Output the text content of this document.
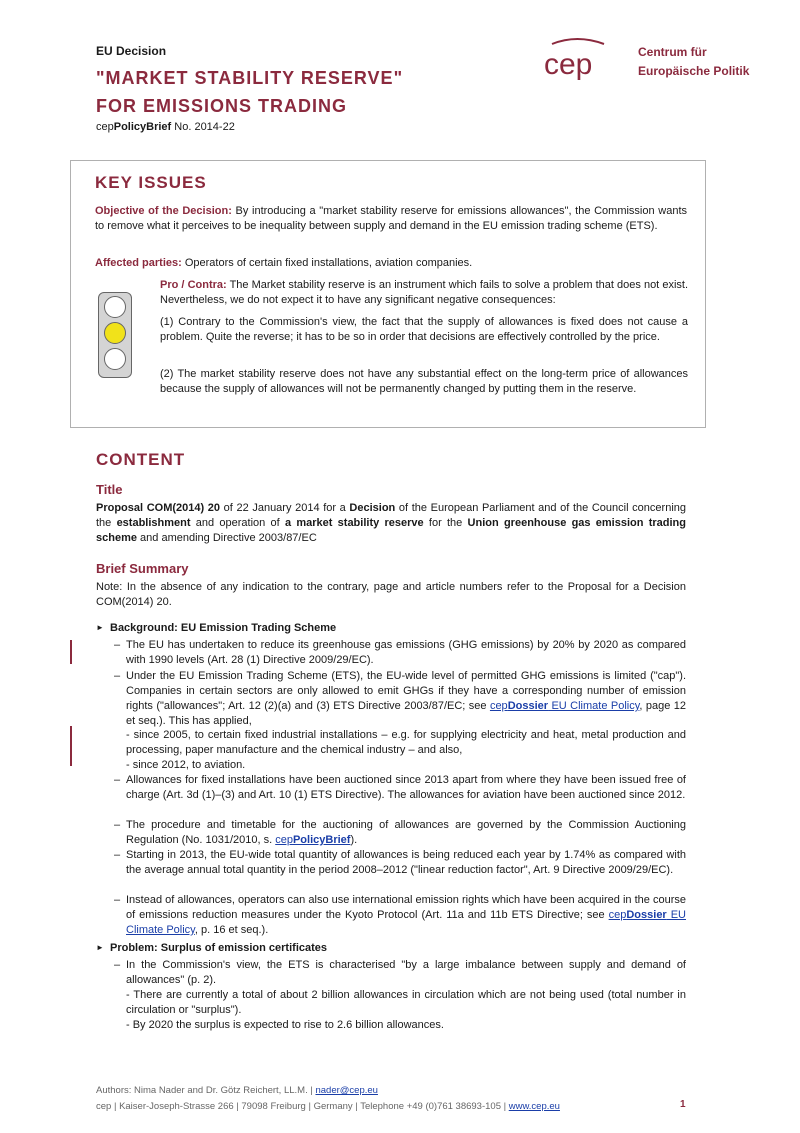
EU Decision
"MARKET STABILITY RESERVE"
FOR EMISSIONS TRADING
cepPolicyBrief No. 2014-22
cep	Centrum für
Europäische Politik
KEY ISSUES
Objective of the Decision: By introducing a "market stability reserve for emissions allowances", the Commission wants to remove what it perceives to be inequality between supply and demand in the EU emission trading scheme (ETS).
Affected parties: Operators of certain fixed installations, aviation companies.
Pro / Contra: The Market stability reserve is an instrument which fails to solve a problem that does not exist. Nevertheless, we do not expect it to have any significant negative consequences:
(1) Contrary to the Commission's view, the fact that the supply of allowances is fixed does not cause a problem. Quite the reverse; it has to be so in order that decisions are effectively controlled by the price.
(2) The market stability reserve does not have any substantial effect on the long-term price of allowances because the supply of allowances will not be permanently changed by putting them in the reserve.
CONTENT
Title
Proposal COM(2014) 20 of 22 January 2014 for a Decision of the European Parliament and of the Council concerning the establishment and operation of a market stability reserve for the Union greenhouse gas emission trading scheme and amending Directive 2003/87/EC
Brief Summary
Note: In the absence of any indication to the contrary, page and article numbers refer to the Proposal for a Decision COM(2014) 20.
► Background: EU Emission Trading Scheme
– The EU has undertaken to reduce its greenhouse gas emissions (GHG emissions) by 20% by 2020 as compared with 1990 levels (Art. 28 (1) Directive 2009/29/EC).
– Under the EU Emission Trading Scheme (ETS), the EU-wide level of permitted GHG emissions is limited ("cap"). Companies in certain sectors are only allowed to emit GHGs if they have a corresponding number of emission rights ("allowances"; Art. 12 (2)(a) and (3) ETS Directive 2003/87/EC; see cepDossier EU Climate Policy, page 12 et seq.). This has applied,
- since 2005, to certain fixed industrial installations – e.g. for supplying electricity and heat, metal production and processing, paper manufacture and the chemical industry – and also,
- since 2012, to aviation.
– Allowances for fixed installations have been auctioned since 2013 apart from where they have been issued free of charge (Art. 3d (1)–(3) and Art. 10 (1) ETS Directive). The allowances for aviation have been auctioned since 2012.
– The procedure and timetable for the auctioning of allowances are governed by the Commission Auctioning Regulation (No. 1031/2010, s. cepPolicyBrief).
– Starting in 2013, the EU-wide total quantity of allowances is being reduced each year by 1.74% as compared with the average annual total quantity in the period 2008–2012 ("linear reduction factor", Art. 9 Directive 2009/29/EC).
– Instead of allowances, operators can also use international emission rights which have been acquired in the course of emissions reduction measures under the Kyoto Protocol (Art. 11a and 11b ETS Directive; see cepDossier EU Climate Policy, p. 16 et seq.).
► Problem: Surplus of emission certificates
– In the Commission's view, the ETS is characterised "by a large imbalance between supply and demand of allowances" (p. 2).
- There are currently a total of about 2 billion allowances in circulation which are not being used (total number in circulation or "surplus").
- By 2020 the surplus is expected to rise to 2.6 billion allowances.
Authors: Nima Nader and Dr. Götz Reichert, LL.M. | nader@cep.eu
cep | Kaiser-Joseph-Strasse 266 | 79098 Freiburg | Germany | Telephone +49 (0)761 38693-105 | www.cep.eu	1
